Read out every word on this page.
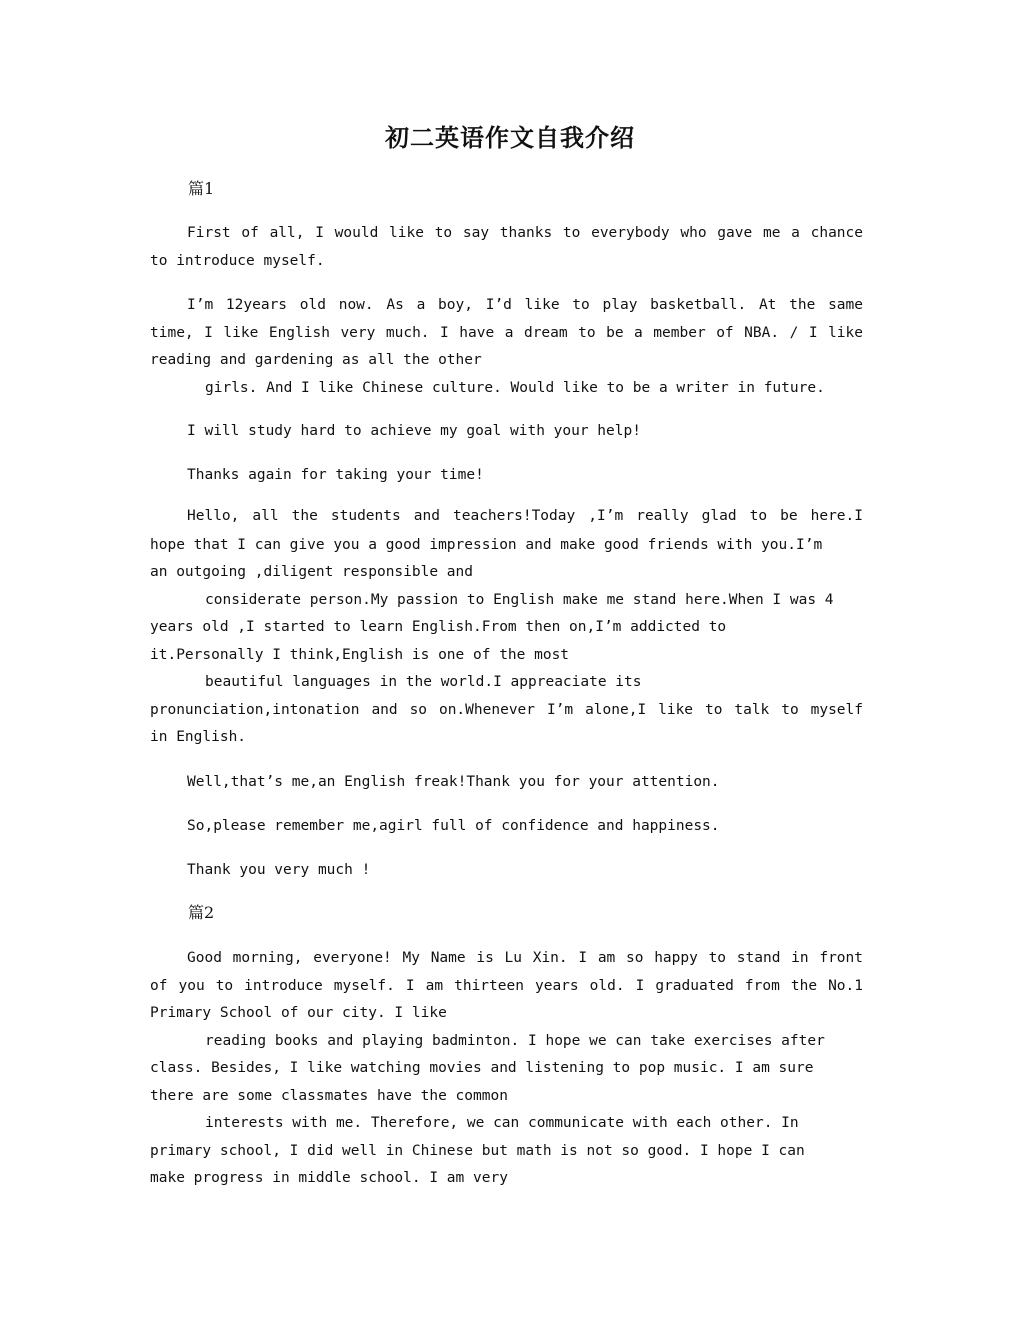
初二英语作文自我介绍

篇1

First of all, I would like to say thanks to everybody who gave me a chance
to introduce myself.
I’m 12years old now. As a boy, I’d like to play basketball. At the same
time, I like English very much. I have a dream to be a member of NBA. / I like
reading and gardening as all the other
girls. And I like Chinese culture. Would like to be a writer in future.
I will study hard to achieve my goal with your help!
Thanks again for taking your time!
Hello, all the students and teachers!Today ,I’m really glad to be here.I
hope that I can give you a good impression and make good friends with you.I’m
an outgoing ,diligent responsible and
considerate person.My passion to English make me stand here.When I was 4
years old ,I started to learn English.From then on,I’m addicted to
it.Personally I think,English is one of the most
beautiful languages in the world.I appreaciate its
pronunciation,intonation and so on.Whenever I’m alone,I like to talk to myself
in English.
Well,that’s me,an English freak!Thank you for your attention.
So,please remember me,agirl full of confidence and happiness.
Thank you very much !

篇2

Good morning, everyone! My Name is Lu Xin. I am so happy to stand in front
of you to introduce myself. I am thirteen years old. I graduated from the No.1
Primary School of our city. I like
reading books and playing badminton. I hope we can take exercises after
class. Besides, I like watching movies and listening to pop music. I am sure
there are some classmates have the common
interests with me. Therefore, we can communicate with each other. In
primary school, I did well in Chinese but math is not so good. I hope I can
make progress in middle school. I am very
